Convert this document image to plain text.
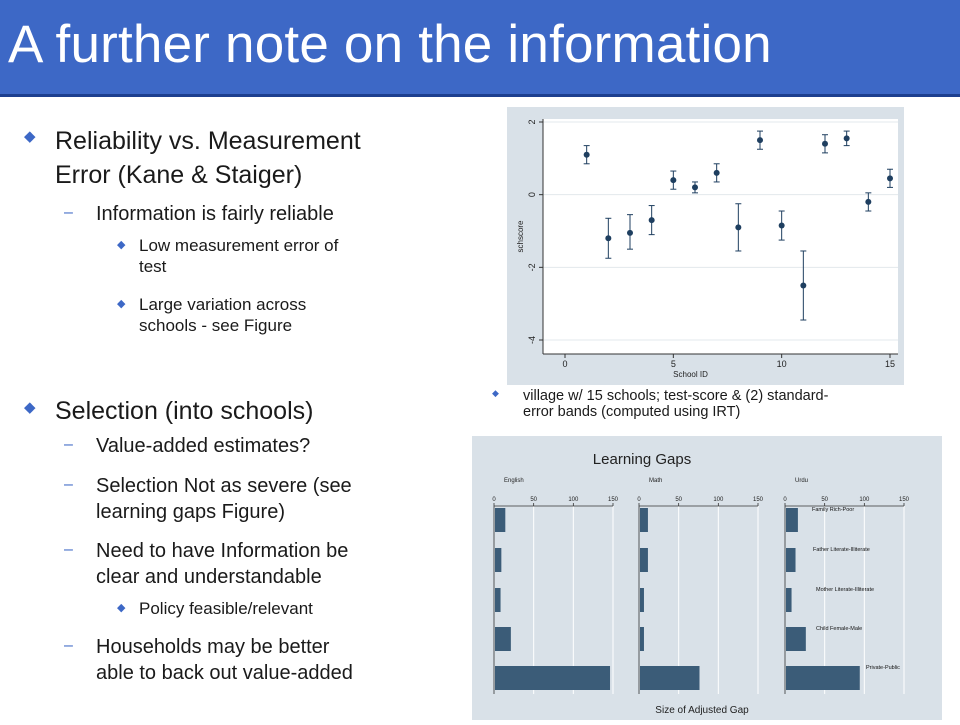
A further note on the information
◆ Reliability vs. Measurement
Error (Kane & Staiger)
– Information is fairly reliable
◆ Low measurement error of
test
◆ Large variation across
schools - see Figure
◆ Selection (into schools)
– Value-added estimates?
– Selection Not as severe (see
learning gaps Figure)
– Need to have Information be
clear and understandable
◆ Policy feasible/relevant
– Households may be better
able to back out value-added
2
0
-2
-4
0	5	10	15
schscore
School ID
◆ village w/ 15 schools; test-score & (2) standard-
error bands (computed using IRT)
Learning Gaps
English
0	50	100	150
Math
0	50	100	150
Urdu
0	50	100	150
Family Rich-Poor
Father Literate-Illiterate
Mother Literate-Illiterate
Child Female-Male
Private-Public
Size of Adjusted Gap
